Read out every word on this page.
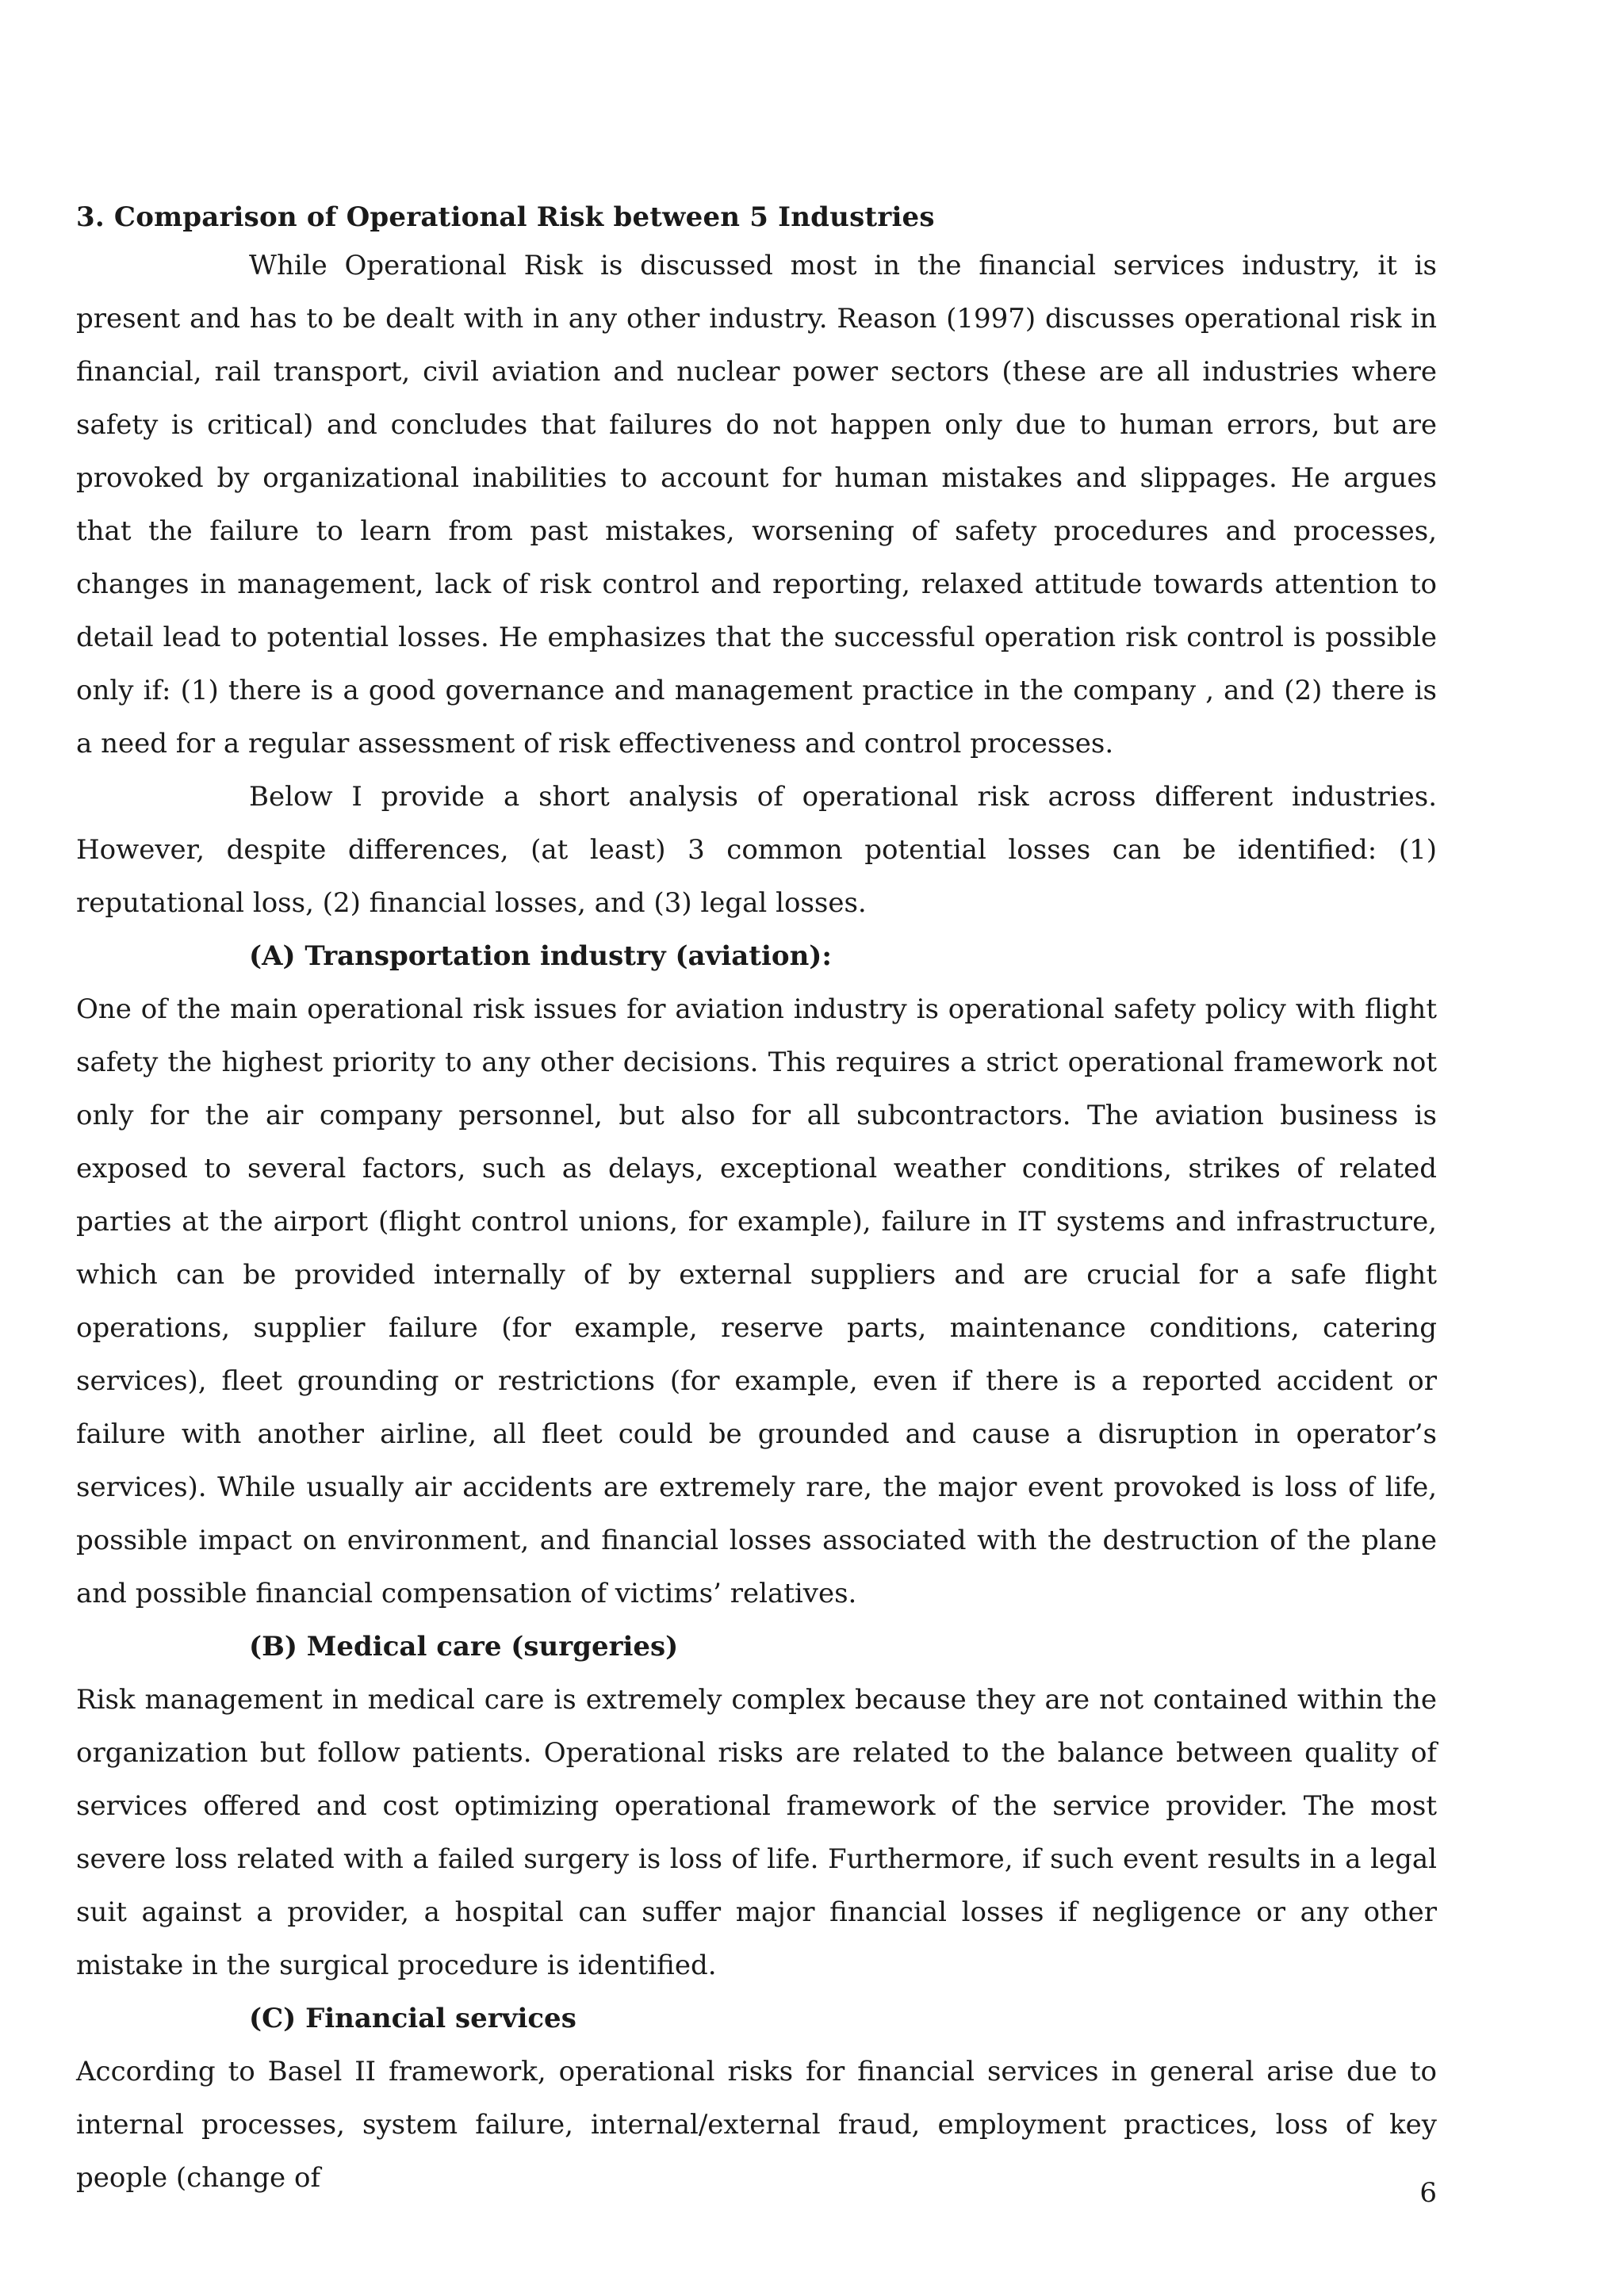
3. Comparison of Operational Risk between 5 Industries

While Operational Risk is discussed most in the financial services industry, it is present and has to be dealt with in any other industry. Reason (1997) discusses operational risk in financial, rail transport, civil aviation and nuclear power sectors (these are all industries where safety is critical) and concludes that failures do not happen only due to human errors, but are provoked by organizational inabilities to account for human mistakes and slippages. He argues that the failure to learn from past mistakes, worsening of safety procedures and processes, changes in management, lack of risk control and reporting, relaxed attitude towards attention to detail lead to potential losses. He emphasizes that the successful operation risk control is possible only if: (1) there is a good governance and management practice in the company , and (2) there is a need for a regular assessment of risk effectiveness and control processes.

Below I provide a short analysis of operational risk across different industries. However, despite differences, (at least) 3 common potential losses can be identified: (1) reputational loss, (2) financial losses, and (3) legal losses.

(A) Transportation industry (aviation):

One of the main operational risk issues for aviation industry is operational safety policy with flight safety the highest priority to any other decisions. This requires a strict operational framework not only for the air company personnel, but also for all subcontractors. The aviation business is exposed to several factors, such as delays, exceptional weather conditions, strikes of related parties at the airport (flight control unions, for example), failure in IT systems and infrastructure, which can be provided internally of by external suppliers and are crucial for a safe flight operations, supplier failure (for example, reserve parts, maintenance conditions, catering services), fleet grounding or restrictions (for example, even if there is a reported accident or failure with another airline, all fleet could be grounded and cause a disruption in operator’s services). While usually air accidents are extremely rare, the major event provoked is loss of life, possible impact on environment, and financial losses associated with the destruction of the plane and possible financial compensation of victims’ relatives.

(B) Medical care (surgeries)

Risk management in medical care is extremely complex because they are not contained within the organization but follow patients. Operational risks are related to the balance between quality of services offered and cost optimizing operational framework of the service provider. The most severe loss related with a failed surgery is loss of life. Furthermore, if such event results in a legal suit against a provider, a hospital can suffer major financial losses if negligence or any other mistake in the surgical procedure is identified.

(C) Financial services

According to Basel II framework, operational risks for financial services in general arise due to internal processes, system failure, internal/external fraud, employment practices, loss of key people (change of	6
